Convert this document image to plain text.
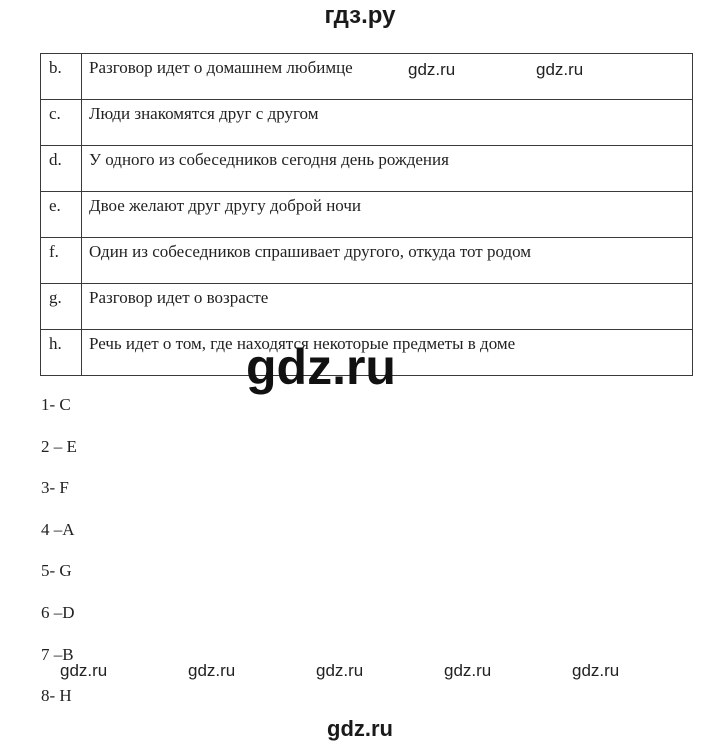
гдз.ру
b.	Разговор идет о домашнем любимце
c.	Люди знакомятся друг с другом
d.	У одного из собеседников сегодня день рождения
e.	Двое желают друг другу доброй ночи
f.	Один из собеседников спрашивает другого, откуда тот родом
g.	Разговор идет о возрасте
h.	Речь идет о том, где находятся некоторые предметы в доме
gdz.ru	gdz.ru
gdz.ru
1- C
2 – E
3- F
4 –A
5- G
6 –D
7 –B
8- H
gdz.ru	gdz.ru	gdz.ru	gdz.ru	gdz.ru
gdz.ru
